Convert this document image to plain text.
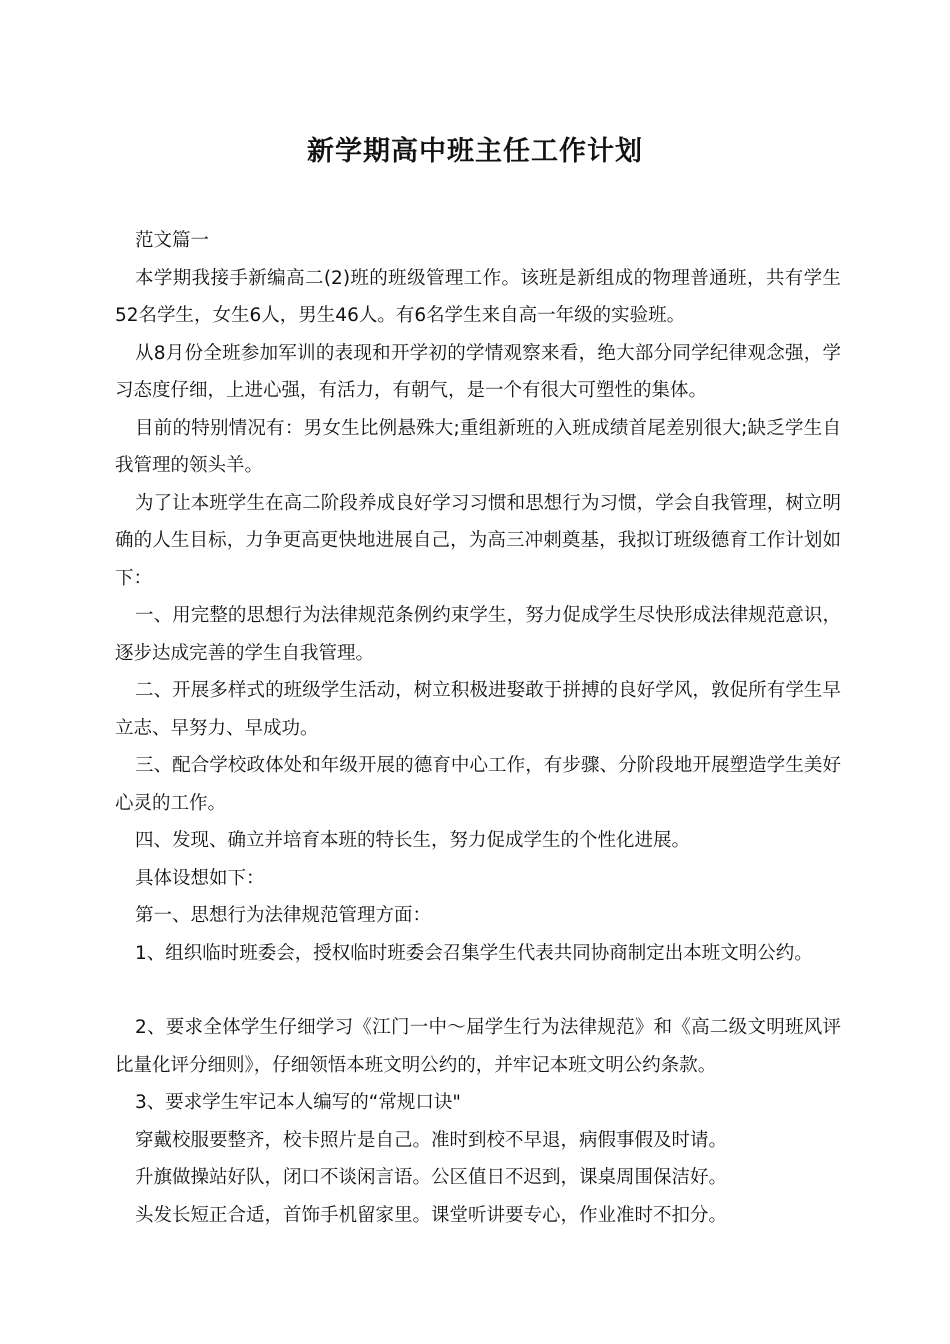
新学期高中班主任工作计划

范文篇一

本学期我接手新编高二(2)班的班级管理工作。该班是新组成的物理普通班，共有学生52名学生，女生6人，男生46人。有6名学生来自高一年级的实验班。

从8月份全班参加军训的表现和开学初的学情观察来看，绝大部分同学纪律观念强，学习态度仔细，上进心强，有活力，有朝气，是一个有很大可塑性的集体。

目前的特别情况有：男女生比例悬殊大;重组新班的入班成绩首尾差别很大;缺乏学生自我管理的领头羊。

为了让本班学生在高二阶段养成良好学习习惯和思想行为习惯，学会自我管理，树立明确的人生目标，力争更高更快地进展自己，为高三冲刺奠基，我拟订班级德育工作计划如下：

一、用完整的思想行为法律规范条例约束学生，努力促成学生尽快形成法律规范意识，逐步达成完善的学生自我管理。

二、开展多样式的班级学生活动，树立积极进娶敢于拼搏的良好学风，敦促所有学生早立志、早努力、早成功。

三、配合学校政体处和年级开展的德育中心工作，有步骤、分阶段地开展塑造学生美好心灵的工作。

四、发现、确立并培育本班的特长生，努力促成学生的个性化进展。

具体设想如下：

第一、思想行为法律规范管理方面：

1、组织临时班委会，授权临时班委会召集学生代表共同协商制定出本班文明公约。

2、要求全体学生仔细学习《江门一中～届学生行为法律规范》和《高二级文明班风评比量化评分细则》，仔细领悟本班文明公约的，并牢记本班文明公约条款。

3、要求学生牢记本人编写的“常规口诀"

穿戴校服要整齐，校卡照片是自己。准时到校不早退，病假事假及时请。

升旗做操站好队，闭口不谈闲言语。公区值日不迟到，课桌周围保洁好。

头发长短正合适，首饰手机留家里。课堂听讲要专心，作业准时不扣分。
